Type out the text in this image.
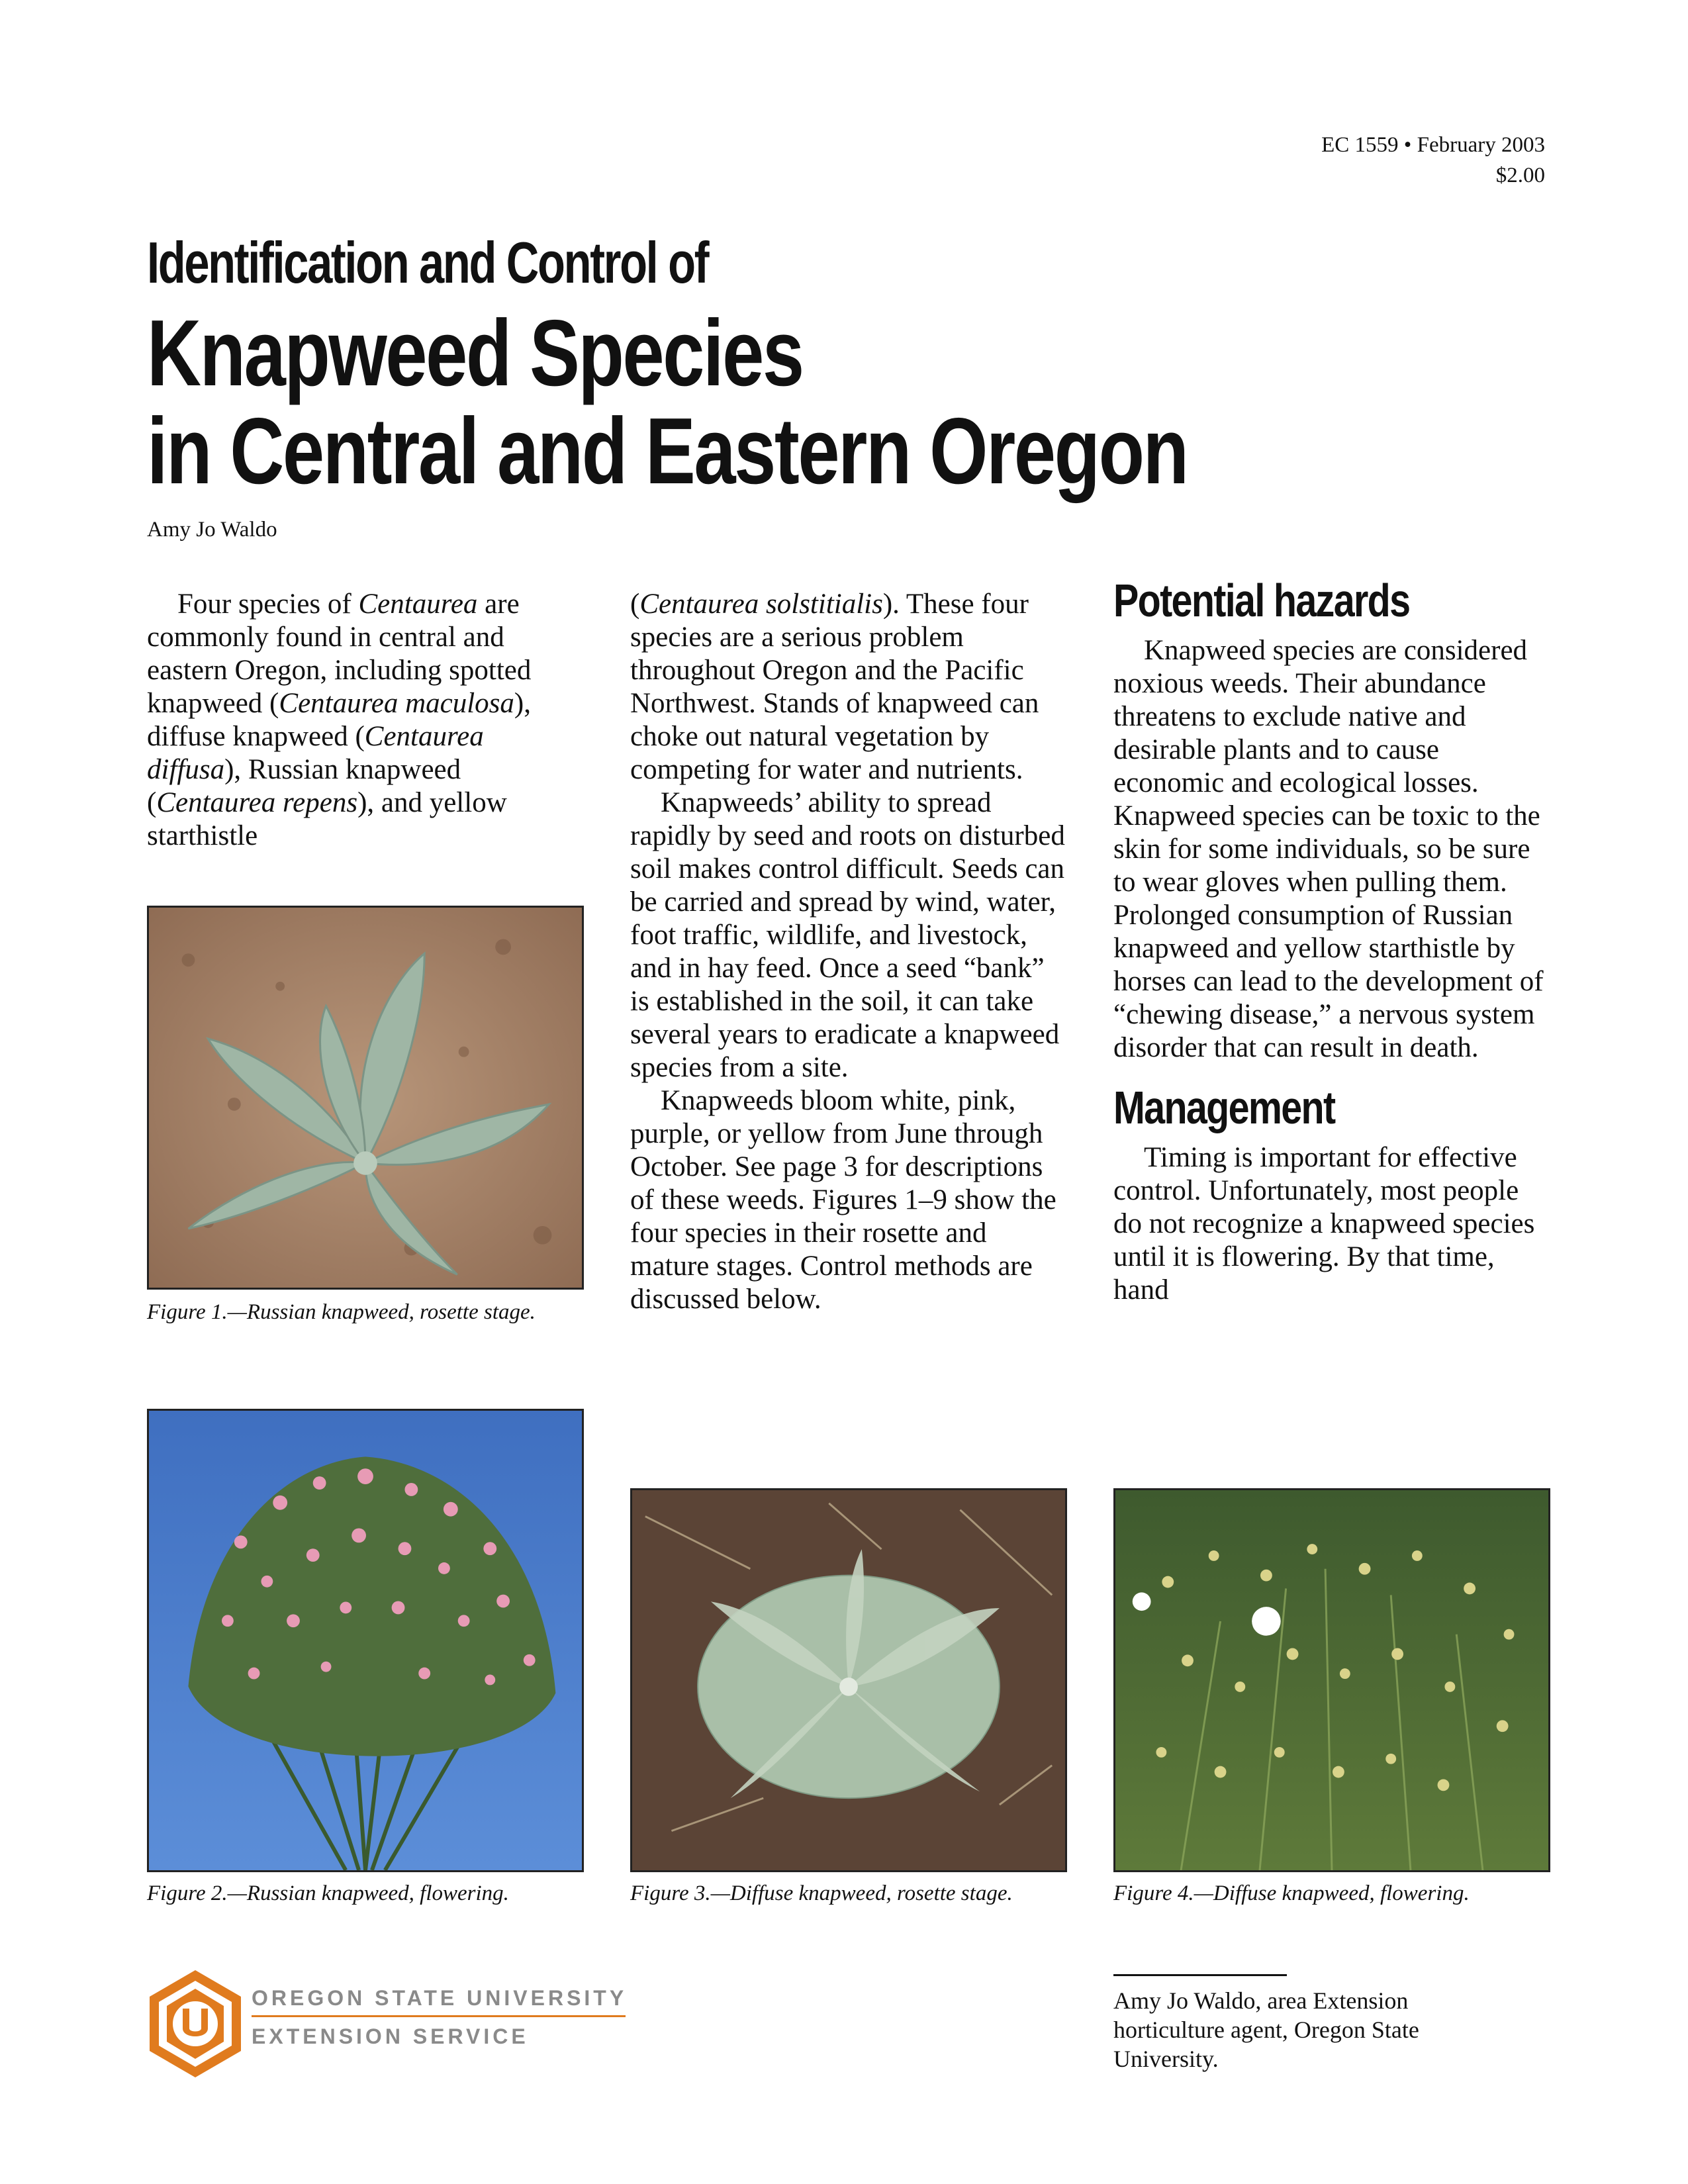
EC 1559 • February 2003
$2.00
Identification and Control of
Knapweed Species
in Central and Eastern Oregon
Amy Jo Waldo

Four species of Centaurea are commonly found in central and eastern Oregon, including spotted knapweed (Centaurea maculosa), diffuse knapweed (Centaurea diffusa), Russian knapweed (Centaurea repens), and yellow starthistle

(Centaurea solstitialis). These four species are a serious problem throughout Oregon and the Pacific Northwest. Stands of knapweed can choke out natural vegetation by competing for water and nutrients.

Knapweeds’ ability to spread rapidly by seed and roots on disturbed soil makes control difficult. Seeds can be carried and spread by wind, water, foot traffic, wildlife, and livestock, and in hay feed. Once a seed “bank” is established in the soil, it can take several years to eradicate a knapweed species from a site.

Knapweeds bloom white, pink, purple, or yellow from June through October. See page 3 for descriptions of these weeds. Figures 1–9 show the four species in their rosette and mature stages. Control methods are discussed below.

Potential hazards

Knapweed species are considered noxious weeds. Their abundance threatens to exclude native and desirable plants and to cause economic and ecological losses. Knapweed species can be toxic to the skin for some individuals, so be sure to wear gloves when pulling them. Prolonged consumption of Russian knapweed and yellow starthistle by horses can lead to the development of “chewing disease,” a nervous system disorder that can result in death.

Management

Timing is important for effective control. Unfortunately, most people do not recognize a knapweed species until it is flowering. By that time, hand

Figure 1.—Russian knapweed, rosette stage.
Figure 2.—Russian knapweed, flowering.	Figure 3.—Diffuse knapweed, rosette stage.	Figure 4.—Diffuse knapweed, flowering.
Amy Jo Waldo, area Extension horticulture agent, Oregon State University.
OREGON STATE UNIVERSITY
EXTENSION SERVICE
